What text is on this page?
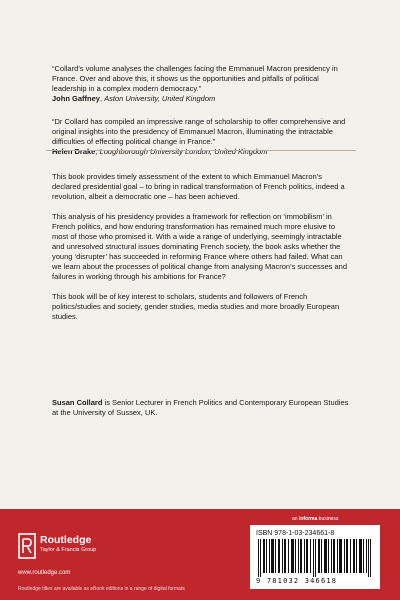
“Collard’s volume analyses the challenges facing the Emmanuel Macron presidency in France. Over and above this, it shows us the opportunities and pitfalls of political leadership in a complex modern democracy.”

John Gaffney, Aston University, United Kingdom

“Dr Collard has compiled an impressive range of scholarship to offer comprehensive and original insights into the presidency of Emmanuel Macron, illuminating the intractable difficulties of effecting political change in France.”

Helen Drake, Loughborough University London, United Kingdom

This book provides timely assessment of the extent to which Emmanuel Macron’s declared presidential goal – to bring in radical transformation of French politics, indeed a revolution, albeit a democratic one – has been achieved.

This analysis of his presidency provides a framework for reflection on ‘immobilism’ in French politics, and how enduring transformation has remained much more elusive to most of those who promised it. With a wide a range of underlying, seemingly intractable and unresolved structural issues dominating French society, the book asks whether the young ‘disrupter’ has succeeded in reforming France where others had failed. What can we learn about the processes of political change from analysing Macron’s successes and failures in working through his ambitions for France?

This book will be of key interest to scholars, students and followers of French politics/studies and society, gender studies, media studies and more broadly European studies.

Susan Collard is Senior Lecturer in French Politics and Contemporary European Studies at the University of Sussex, UK.
Routledge
Taylor & Francis Group
www.routledge.com
Routledge titles are available as eBook editions in a range of digital formats
an informa business
ISBN 978-1-03-234661-8
9 781032 346618
